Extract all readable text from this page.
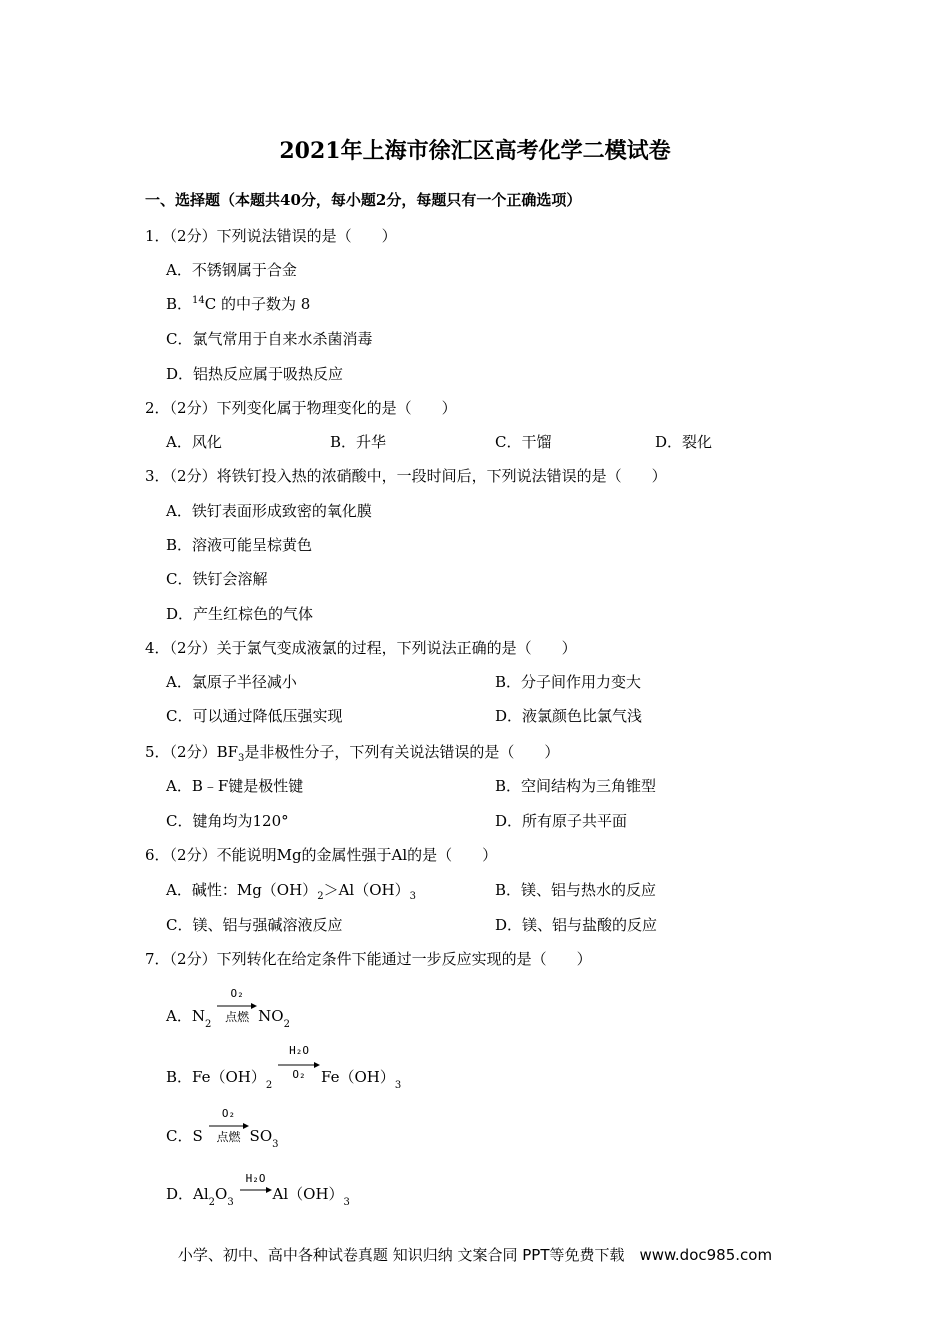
2021年上海市徐汇区高考化学二模试卷
一、选择题（本题共40分，每小题2分，每题只有一个正确选项）
1．（2分）下列说法错误的是（　　）
A．不锈钢属于合金
B．$^{14}$C 的中子数为 8
C．氯气常用于自来水杀菌消毒
D．铝热反应属于吸热反应
2．（2分）下列变化属于物理变化的是（　　）
A．风化	B．升华	C．干馏	D．裂化
3．（2分）将铁钉投入热的浓硝酸中，一段时间后，下列说法错误的是（　　）
A．铁钉表面形成致密的氧化膜
B．溶液可能呈棕黄色
C．铁钉会溶解
D．产生红棕色的气体
4．（2分）关于氯气变成液氯的过程，下列说法正确的是（　　）
A．氯原子半径减小	B．分子间作用力变大
C．可以通过降低压强实现	D．液氯颜色比氯气浅
5．（2分）$BF_3$是非极性分子，下列有关说法错误的是（　　）
A．B﹣F键是极性键	B．空间结构为三角锥型
C．键角均为120°	D．所有原子共平面
6．（2分）不能说明Mg的金属性强于Al的是（　　）
A．碱性：$Mg(OH)_2>Al(OH)_3$	B．镁、铝与热水的反应
C．镁、铝与强碱溶液反应	D．镁、铝与盐酸的反应
7．（2分）下列转化在给定条件下能通过一步反应实现的是（　　）
A．$N_2$
O₂
点燃 $NO_2$
B．$Fe(OH)_2$
H₂O
O₂	$Fe(OH)_3$
C．S
O₂
点燃 $SO_3$
D．$Al_2O_3$
H₂O
$Al(OH)_3$
小学、初中、高中各种试卷真题 知识归纳 文案合同 PPT等免费下载　www.doc985.com
